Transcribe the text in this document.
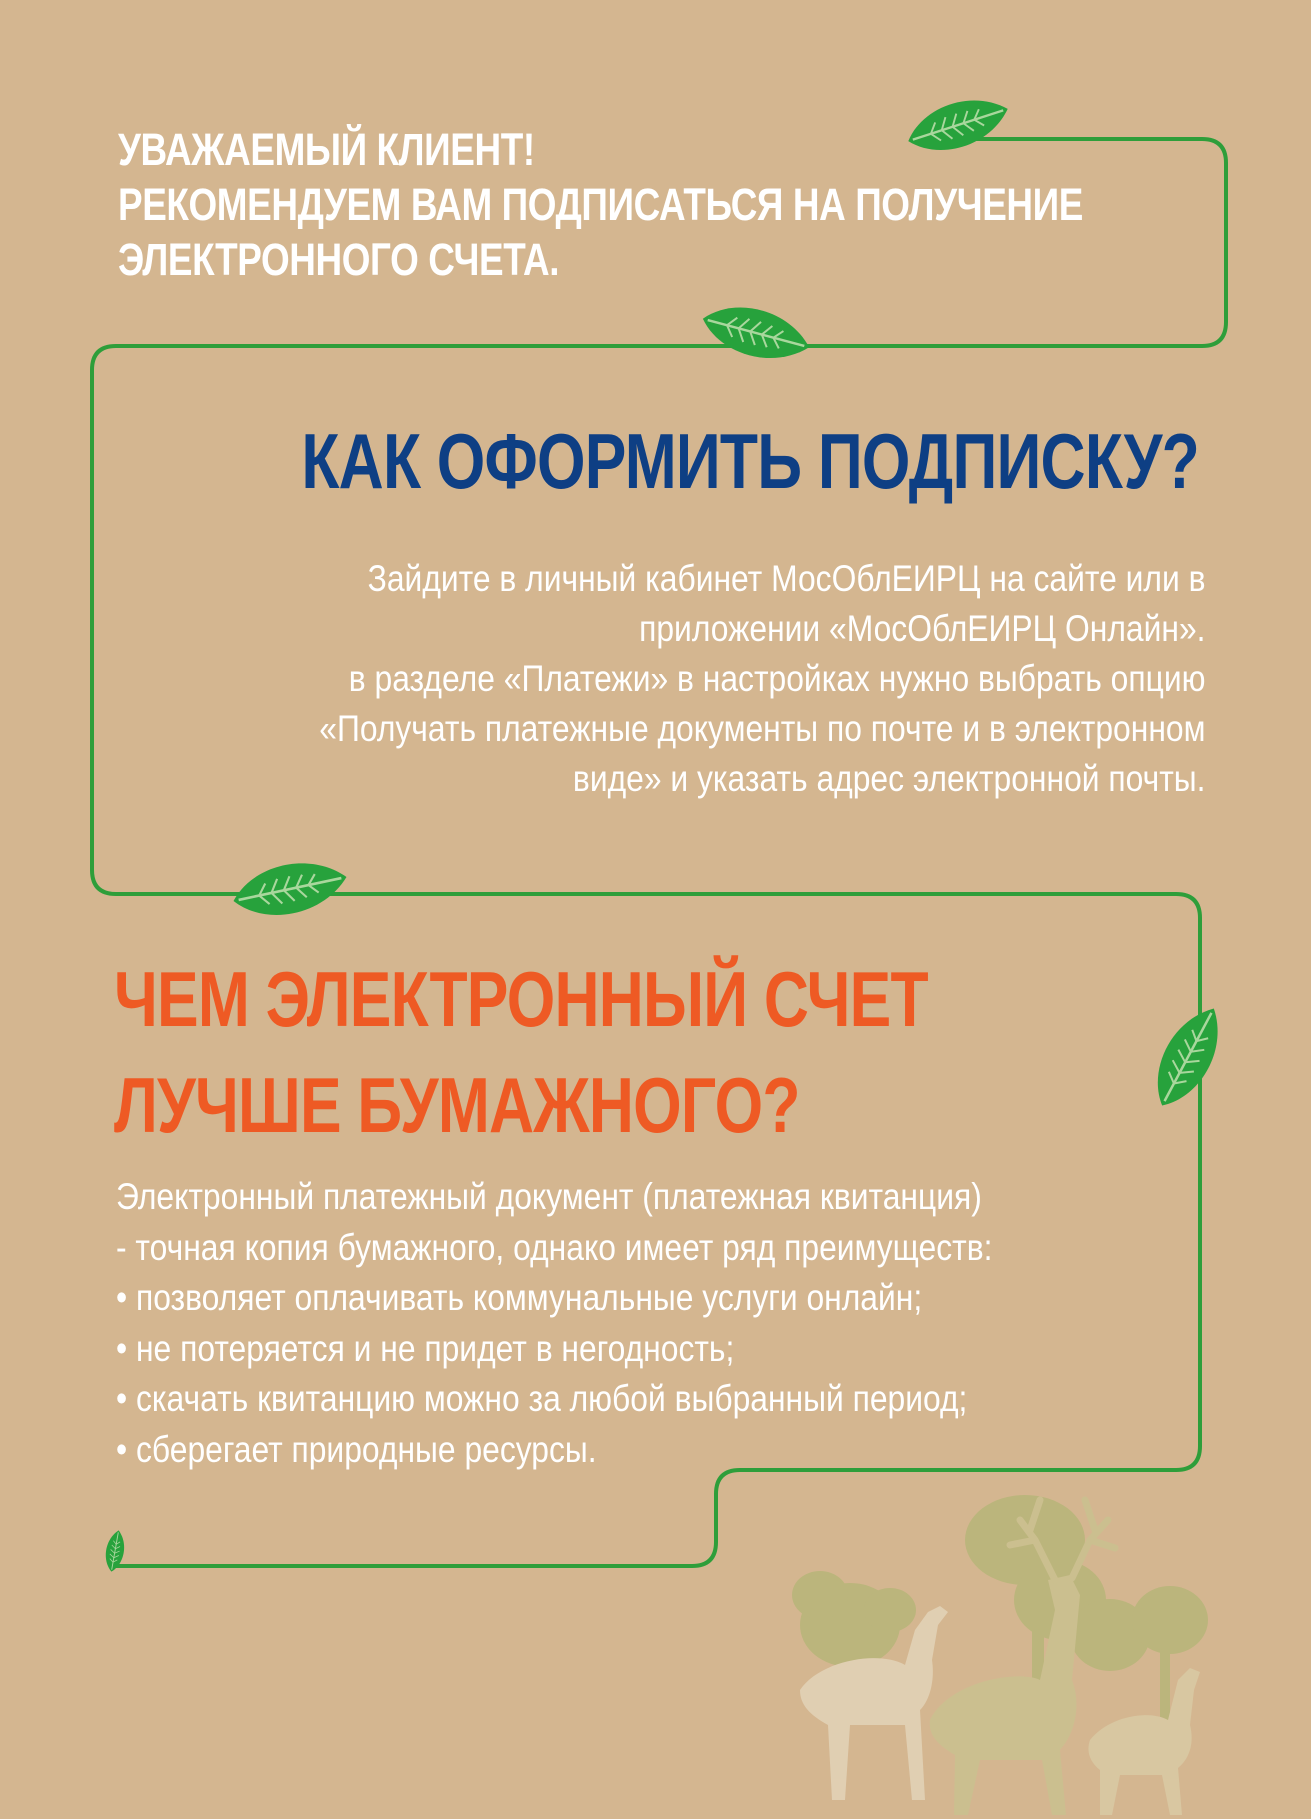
УВАЖАЕМЫЙ КЛИЕНТ!
РЕКОМЕНДУЕМ ВАМ ПОДПИСАТЬСЯ НА ПОЛУЧЕНИЕ
ЭЛЕКТРОННОГО СЧЕТА.
КАК ОФОРМИТЬ ПОДПИСКУ?
Зайдите в личный кабинет МосОблЕИРЦ на сайте или в
приложении «МосОблЕИРЦ Онлайн».
в разделе «Платежи» в настройках нужно выбрать опцию
«Получать платежные документы по почте и в электронном
виде» и указать адрес электронной почты.
ЧЕМ ЭЛЕКТРОННЫЙ СЧЕТ
ЛУЧШЕ БУМАЖНОГО?
Электронный платежный документ (платежная квитанция)
- точная копия бумажного, однако имеет ряд преимуществ:
• позволяет оплачивать коммунальные услуги онлайн;
• не потеряется и не придет в негодность;
• скачать квитанцию можно за любой выбранный период;
• сберегает природные ресурсы.
